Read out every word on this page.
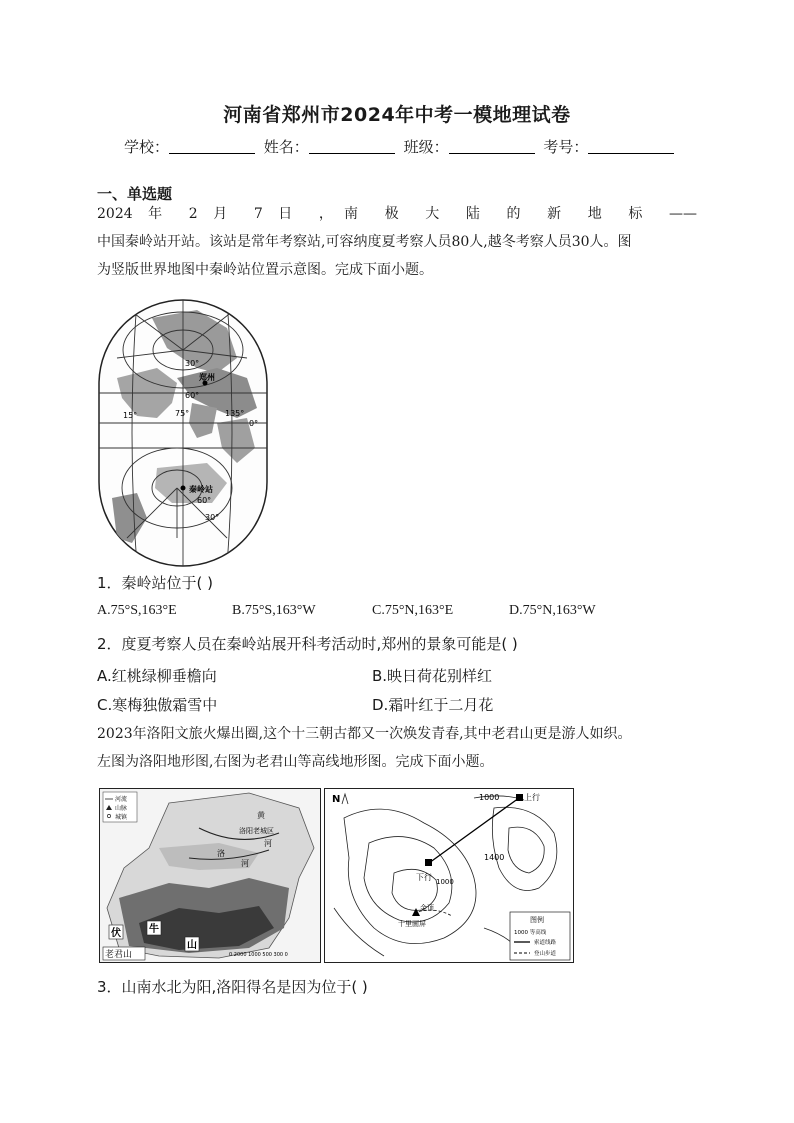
河南省郑州市2024年中考一模地理试卷
学校：	姓名：	班级：	考号：
一、单选题
2024 年 2 月 7 日 ，南 极 大 陆 的 新 地 标 ——
中国秦岭站开站。该站是常年考察站,可容纳度夏考察人员80人,越冬考察人员30人。图
为竖版世界地图中秦岭站位置示意图。完成下面小题。
15°	75°	135°
0°
30°
60°
30°
60°
郑州
秦岭站
1．秦岭站位于( )
A.75°S,163°E	B.75°S,163°W	C.75°N,163°E	D.75°N,163°W
2．度夏考察人员在秦岭站展开科考活动时,郑州的景象可能是( )
A.红桃绿柳垂檐向	B.映日荷花别样红
C.寒梅独傲霜雪中	D.霜叶红于二月花
2023年洛阳文旅火爆出圈,这个十三朝古都又一次焕发青春,其中老君山更是游人如织。
左图为洛阳地形图,右图为老君山等高线地形图。完成下面小题。
河流
山脉
城镇	黄
河
洛阳老城区
洛
河
伏	牛
山
老君山	0 2000 1000 500 300 0
N	1000	上行
1400
下行 1000
金顶
十里画屏	图例
1000 等高线
索道线路
登山步道
3．山南水北为阳,洛阳得名是因为位于( )
